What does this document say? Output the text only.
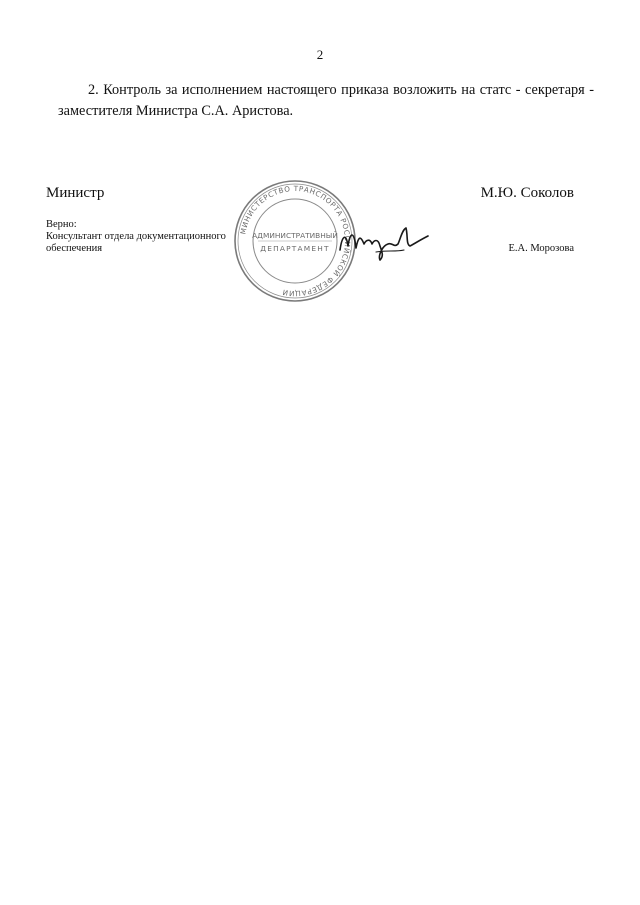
2

2. Контроль за исполнением настоящего приказа возложить на статс - секретаря - заместителя Министра С.А. Аристова.

Министр	М.Ю. Соколов
Верно:
Консультант отдела документационного
обеспечения	Е.А. Морозова
МИНИСТЕРСТВО ТРАНСПОРТА РОССИЙСКОЙ ФЕДЕРАЦИИ
АДМИНИСТРАТИВНЫЙ
ДЕПАРТАМЕНТ
